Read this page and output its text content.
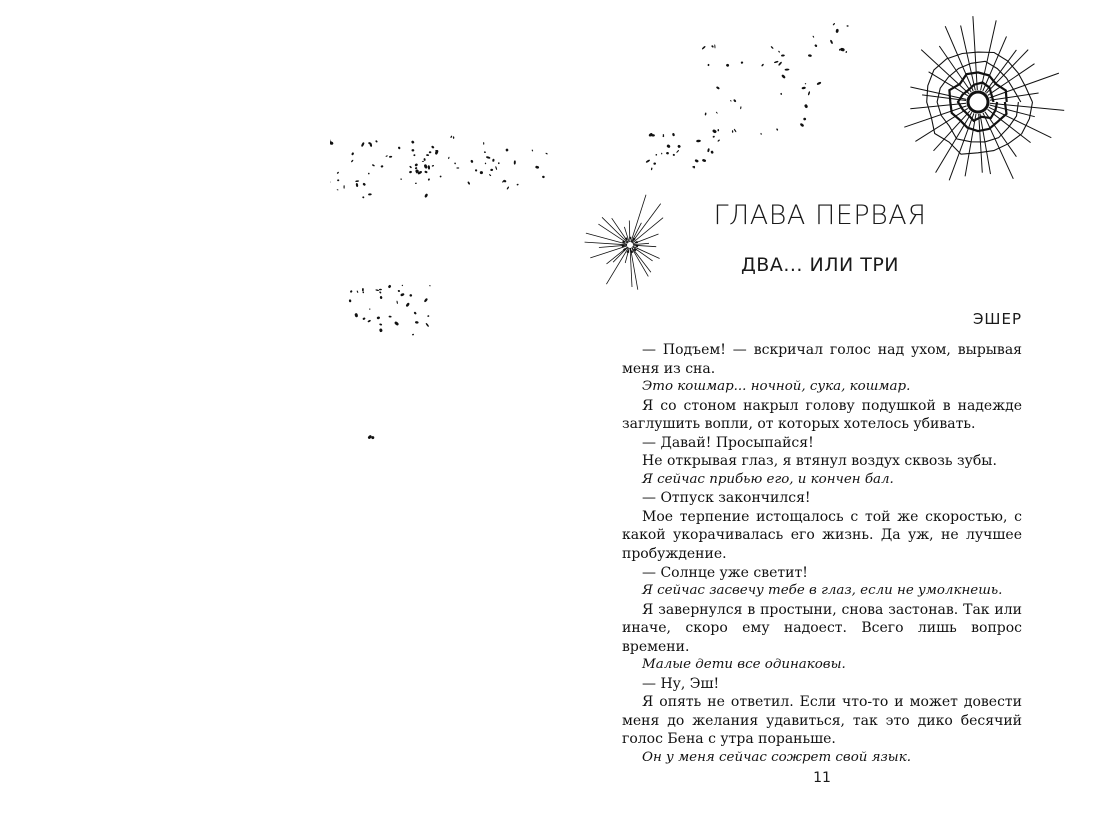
ГЛАВА ПЕРВАЯ
ДВА... ИЛИ ТРИ
ЭШЕР

— Подъем! — вскричал голос над ухом, вырывая меня из сна.

Это кошмар... ночной, сука, кошмар.

Я со стоном накрыл голову подушкой в надежде заглушить вопли, от которых хотелось убивать.

— Давай! Просыпайся!

Не открывая глаз, я втянул воздух сквозь зубы.

Я сейчас прибью его, и кончен бал.

— Отпуск закончился!

Мое терпение истощалось с той же скоростью, с какой укорачивалась его жизнь. Да уж, не лучшее пробуждение.

— Солнце уже светит!

Я сейчас засвечу тебе в глаз, если не умолкнешь.

Я завернулся в простыни, снова застонав. Так или иначе, скоро ему надоест. Всего лишь вопрос времени.

Малые дети все одинаковы.

— Ну, Эш!

Я опять не ответил. Если что-то и может довести меня до желания удавиться, так это дико бесячий голос Бена с утра пораньше.

Он у меня сейчас сожрет свой язык.

11
